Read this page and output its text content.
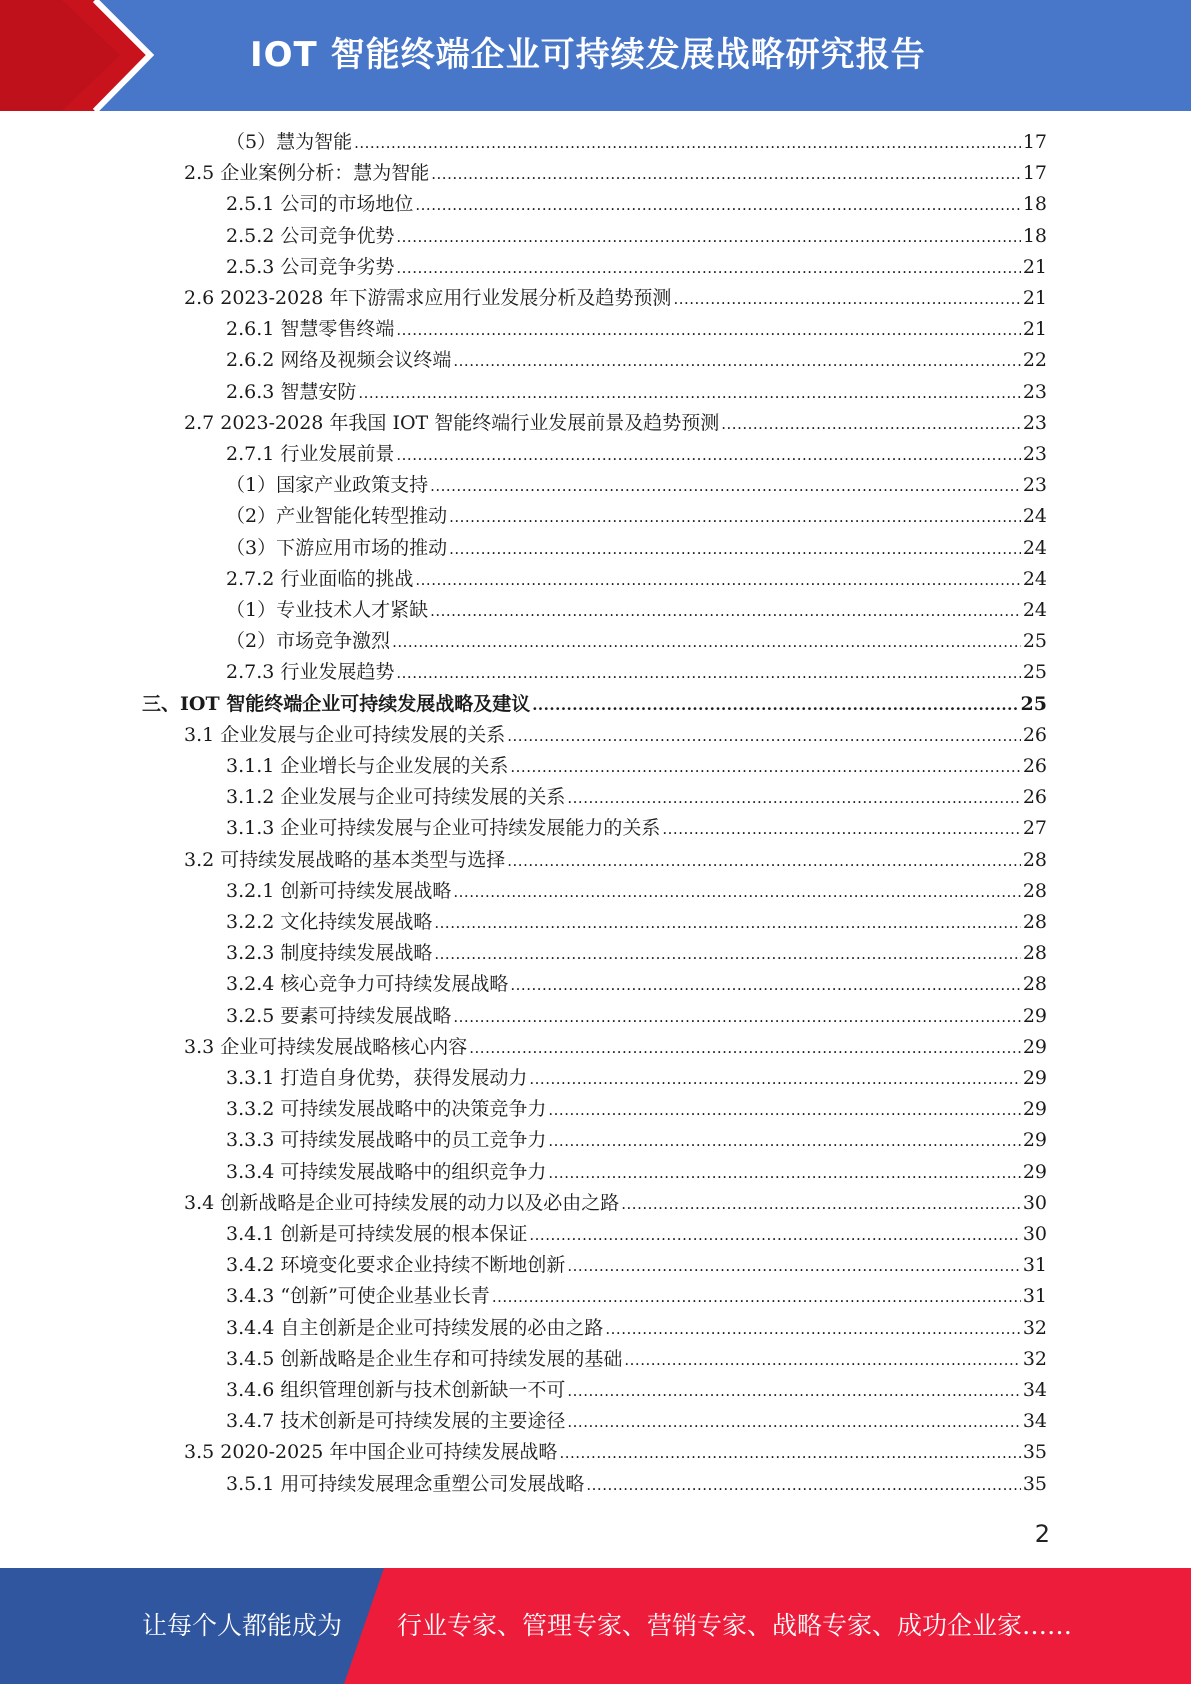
IOT 智能终端企业可持续发展战略研究报告
（5）慧为智能 .....	17
2.5 企业案例分析：慧为智能 .....	17
2.5.1 公司的市场地位 .....	18
2.5.2 公司竞争优势 .....	18
2.5.3 公司竞争劣势 .....	21
2.6 2023-2028 年下游需求应用行业发展分析及趋势预测 .....	21
2.6.1 智慧零售终端 .....	21
2.6.2 网络及视频会议终端 .....	22
2.6.3 智慧安防 .....	23
2.7 2023-2028 年我国 IOT 智能终端行业发展前景及趋势预测 .....	23
2.7.1 行业发展前景 .....	23
（1）国家产业政策支持 .....	23
（2）产业智能化转型推动 .....	24
（3）下游应用市场的推动 .....	24
2.7.2 行业面临的挑战 .....	24
（1）专业技术人才紧缺 .....	24
（2）市场竞争激烈 .....	25
2.7.3 行业发展趋势 .....	25
三、IOT 智能终端企业可持续发展战略及建议 .....	25
3.1 企业发展与企业可持续发展的关系 .....	26
3.1.1 企业增长与企业发展的关系 .....	26
3.1.2 企业发展与企业可持续发展的关系 .....	26
3.1.3 企业可持续发展与企业可持续发展能力的关系 .....	27
3.2 可持续发展战略的基本类型与选择 .....	28
3.2.1 创新可持续发展战略 .....	28
3.2.2 文化持续发展战略 .....	28
3.2.3 制度持续发展战略 .....	28
3.2.4 核心竞争力可持续发展战略 .....	28
3.2.5 要素可持续发展战略 .....	29
3.3 企业可持续发展战略核心内容 .....	29
3.3.1 打造自身优势，获得发展动力 .....	29
3.3.2 可持续发展战略中的决策竞争力 .....	29
3.3.3 可持续发展战略中的员工竞争力 .....	29
3.3.4 可持续发展战略中的组织竞争力 .....	29
3.4 创新战略是企业可持续发展的动力以及必由之路 .....	30
3.4.1 创新是可持续发展的根本保证 .....	30
3.4.2 环境变化要求企业持续不断地创新 .....	31
3.4.3 “创新”可使企业基业长青 .....	31
3.4.4 自主创新是企业可持续发展的必由之路 .....	32
3.4.5 创新战略是企业生存和可持续发展的基础 .....	32
3.4.6 组织管理创新与技术创新缺一不可 .....	34
3.4.7 技术创新是可持续发展的主要途径 .....	34
3.5 2020-2025 年中国企业可持续发展战略 .....	35
3.5.1 用可持续发展理念重塑公司发展战略 .....	35
2
让每个人都能成为 行业专家、管理专家、营销专家、战略专家、成功企业家……
